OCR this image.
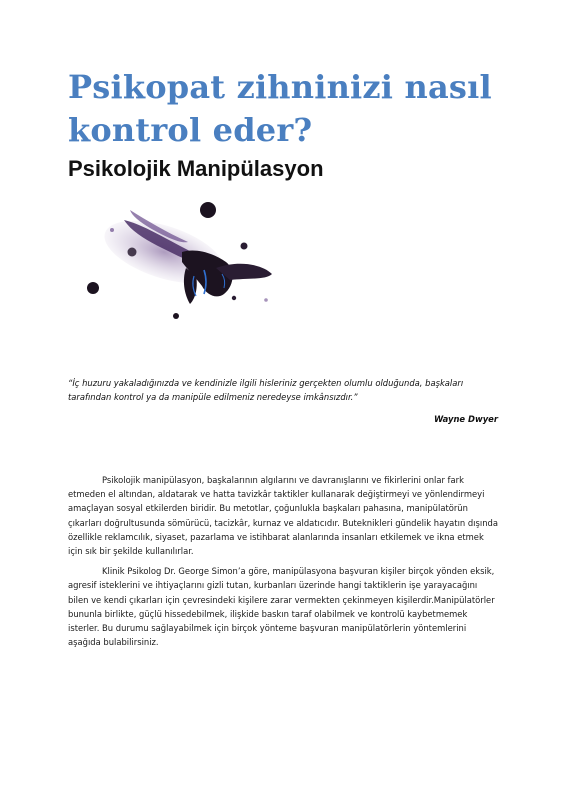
Psikopat zihninizi nasıl kontrol eder?
Psikolojik Manipülasyon

“İç huzuru yakaladığınızda ve kendinizle ilgili hisleriniz gerçekten olumlu olduğunda, başkaları tarafından kontrol ya da manipüle edilmeniz neredeyse imkânsızdır.”

Wayne Dwyer

Psikolojik manipülasyon, başkalarının algılarını ve davranışlarını ve fikirlerini onlar fark etmeden el altından, aldatarak ve hatta tavizkâr taktikler kullanarak değiştirmeyi ve yönlendirmeyi amaçlayan sosyal etkilerden biridir. Bu metotlar, çoğunlukla başkaları pahasına, manipülatörün çıkarları doğrultusunda sömürücü, tacizkâr, kurnaz ve aldatıcıdır. Buteknikleri gündelik hayatın dışında özellikle reklamcılık, siyaset, pazarlama ve istihbarat alanlarında insanları etkilemek ve ikna etmek için sık bir şekilde kullanılırlar.

Klinik Psikolog Dr. George Simon’a göre, manipülasyona başvuran kişiler birçok yönden eksik, agresif isteklerini ve ihtiyaçlarını gizli tutan, kurbanları üzerinde hangi taktiklerin işe yarayacağını bilen ve kendi çıkarları için çevresindeki kişilere zarar vermekten çekinmeyen kişilerdir.Manipülatörler bununla birlikte, güçlü hissedebilmek, ilişkide baskın taraf olabilmek ve kontrolü kaybetmemek isterler. Bu durumu sağlayabilmek için birçok yönteme başvuran manipülatörlerin yöntemlerini aşağıda bulabilirsiniz.
